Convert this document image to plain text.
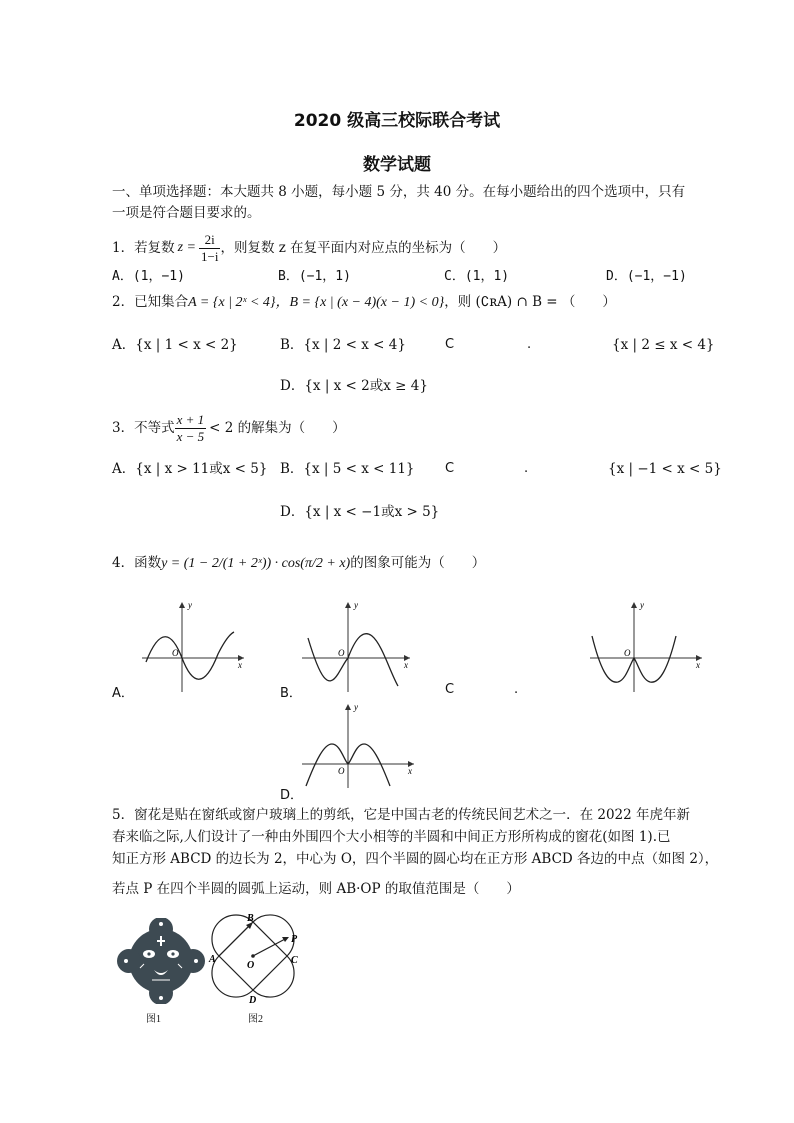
2020 级高三校际联合考试
数学试题
一、单项选择题：本大题共 8 小题，每小题 5 分，共 40 分。在每小题给出的四个选项中，只有
一项是符合题目要求的。
1．若复数 $z = \frac{2i}{1-i}$ ，则复数 z 在复平面内对应点的坐标为（　　）
A．(1，−1)	B．(−1，1)	C．(1，1)	D．(−1，−1)
2．已知集合A = {x | 2ˣ < 4}，B = {x | (x − 4)(x − 1) < 0}，则 (∁ʀA) ∩ B = （　　）
A．{x | 1 < x < 2}	B．{x | 2 < x < 4}	C	.	{x | 2 ≤ x < 4}
D．{x | x < 2或x ≥ 4}
3．不等式 $\frac{x + 1}{x - 5} < 2$ 的解集为（　　）
A．{x | x > 11或x < 5} B．{x | 5 < x < 11} C	.	{x | −1 < x < 5}
D．{x | x < −1或x > 5}
4．函数y = (1 − 2/(1 + 2ˣ)) · cos(π/2 + x)的图象可能为（　　）
y
x
O
y
x
O
y
x
O
A．	B．	C	.
y
x
O
D．
5．窗花是贴在窗纸或窗户玻璃上的剪纸，它是中国古老的传统民间艺术之一．在 2022 年虎年新
春来临之际,人们设计了一种由外围四个大小相等的半圆和中间正方形所构成的窗花(如图 1).已
知正方形 ABCD 的边长为 2，中心为 O，四个半圆的圆心均在正方形 ABCD 各边的中点（如图 2），
若点 P 在四个半圆的圆弧上运动，则 AB·OP 的取值范围是（　　）
图1
A
B
C
D
O
P
图2
